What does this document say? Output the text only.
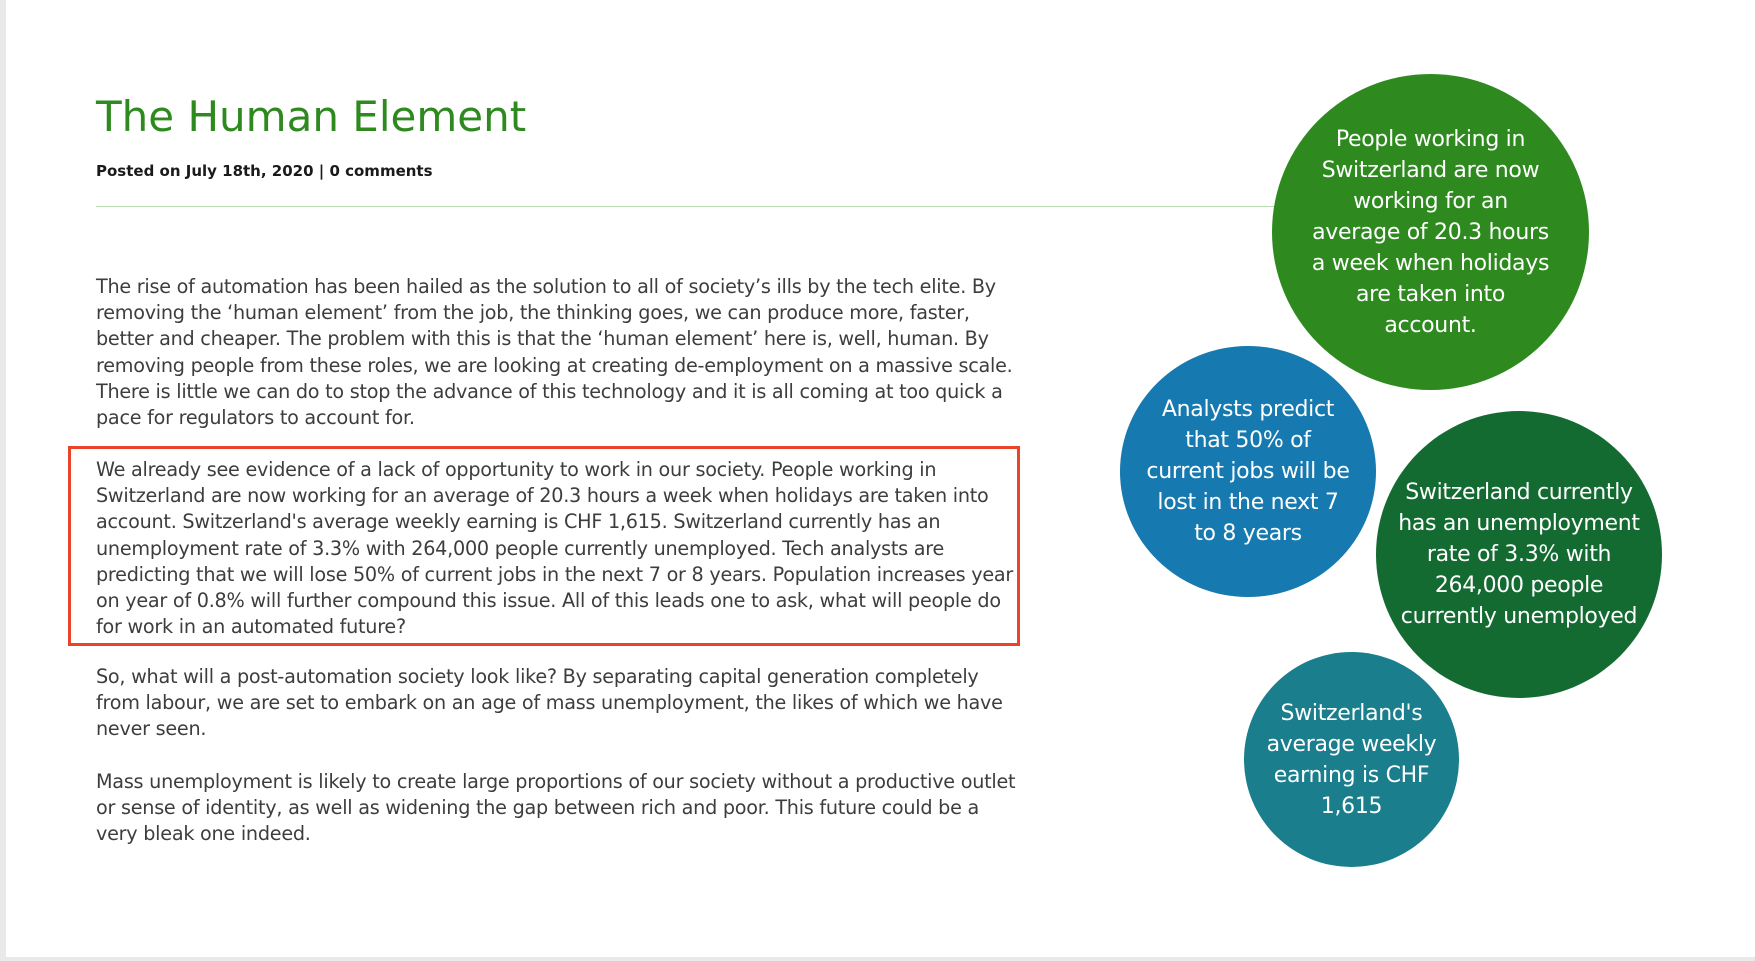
The Human Element
Posted on July 18th, 2020 | 0 comments

The rise of automation has been hailed as the solution to all of society’s ills by the tech elite. By removing the ‘human element’ from the job, the thinking goes, we can produce more, faster, better and cheaper. The problem with this is that the ‘human element’ here is, well, human. By removing people from these roles, we are looking at creating de-employment on a massive scale. There is little we can do to stop the advance of this technology and it is all coming at too quick a pace for regulators to account for.

We already see evidence of a lack of opportunity to work in our society. People working in Switzerland are now working for an average of 20.3 hours a week when holidays are taken into account. Switzerland's average weekly earning is CHF 1,615. Switzerland currently has an unemployment rate of 3.3% with 264,000 people currently unemployed. Tech analysts are predicting that we will lose 50% of current jobs in the next 7 or 8 years. Population increases year on year of 0.8% will further compound this issue. All of this leads one to ask, what will people do for work in an automated future?

So, what will a post-automation society look like? By separating capital generation completely from labour, we are set to embark on an age of mass unemployment, the likes of which we have never seen.

Mass unemployment is likely to create large proportions of our society without a productive outlet or sense of identity, as well as widening the gap between rich and poor. This future could be a very bleak one indeed.

People working in Switzerland are now working for an average of 20.3 hours a week when holidays are taken into account.
Analysts predict that 50% of current jobs will be lost in the next 7 to 8 years
Switzerland currently has an unemployment rate of 3.3% with 264,000 people currently unemployed
Switzerland's average weekly earning is CHF 1,615
